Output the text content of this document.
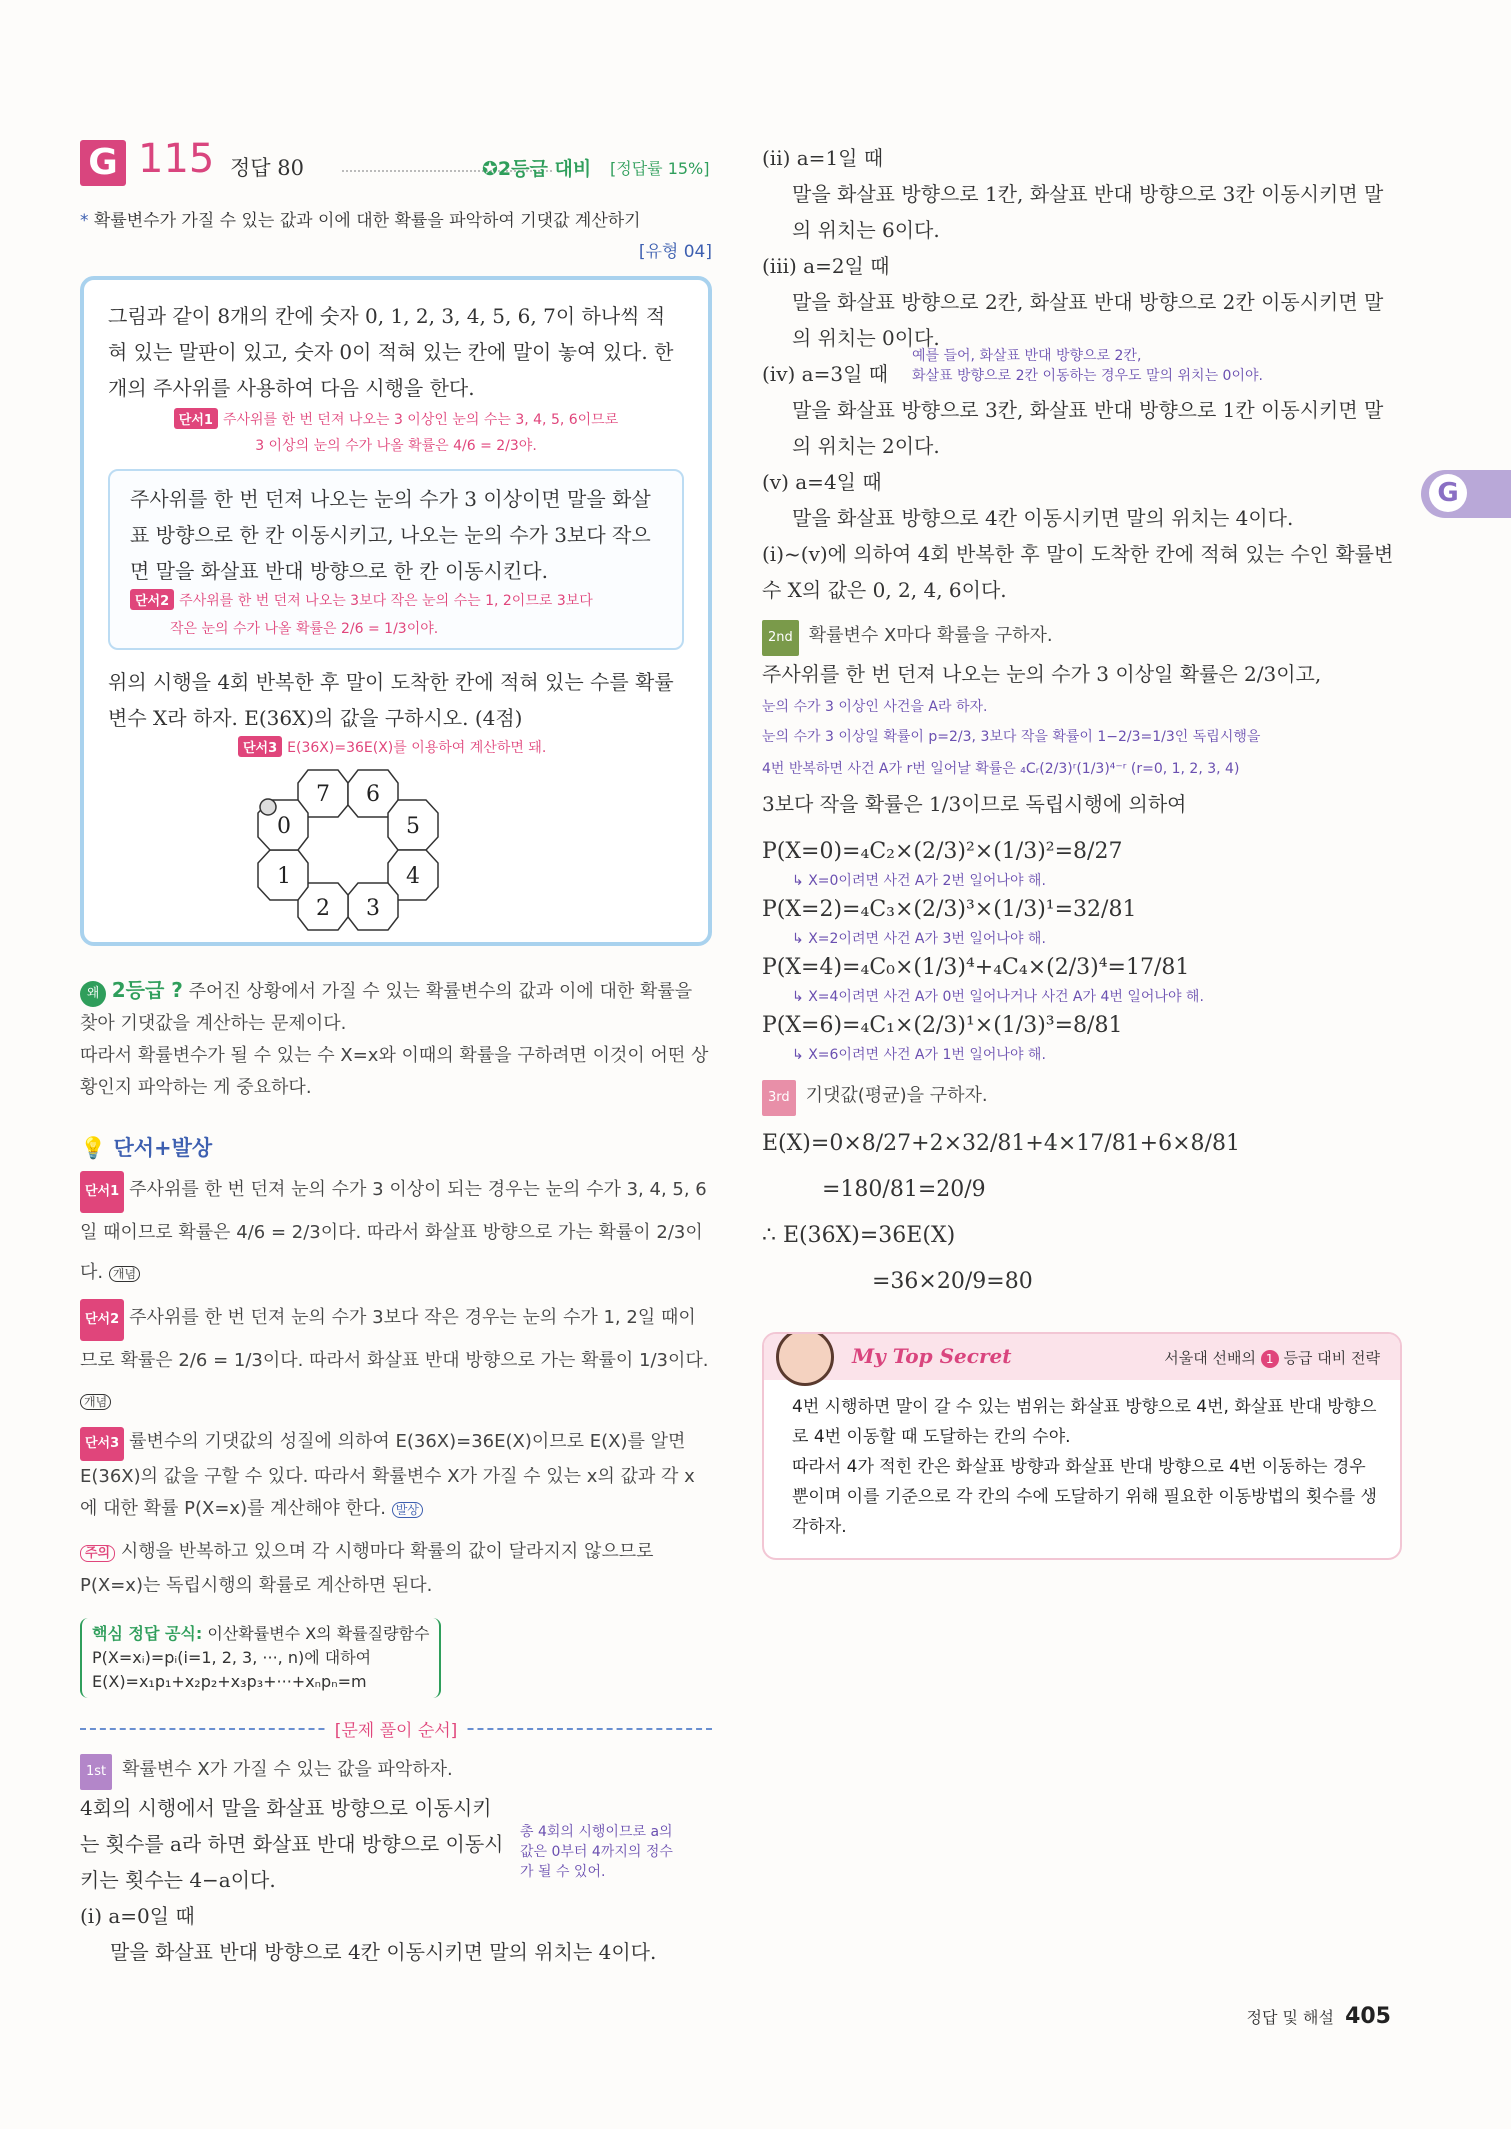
G 115 정답 80	✪2등급 대비 [정답률 15%]
* 확률변수가 가질 수 있는 값과 이에 대한 확률을 파악하여 기댓값 계산하기
[유형 04]

그림과 같이 8개의 칸에 숫자 0, 1, 2, 3, 4, 5, 6, 7이 하나씩 적혀 있는 말판이 있고, 숫자 0이 적혀 있는 칸에 말이 놓여 있다. 한 개의 주사위를 사용하여 다음 시행을 한다.

단서1 주사위를 한 번 던져 나오는 3 이상인 눈의 수는 3, 4, 5, 6이므로
3 이상의 눈의 수가 나올 확률은 4/6 = 2/3야.

주사위를 한 번 던져 나오는 눈의 수가 3 이상이면 말을 화살표 방향으로 한 칸 이동시키고, 나오는 눈의 수가 3보다 작으면 말을 화살표 반대 방향으로 한 칸 이동시킨다.

단서2 주사위를 한 번 던져 나오는 3보다 작은 눈의 수는 1, 2이므로 3보다
작은 눈의 수가 나올 확률은 2/6 = 1/3이야.

위의 시행을 4회 반복한 후 말이 도착한 칸에 적혀 있는 수를 확률변수 X라 하자. E(36X)의 값을 구하시오. (4점)

단서3 E(36X)=36E(X)를 이용하여 계산하면 돼.
7 6
5
4
3
2
1
0
왜 2등급 ? 주어진 상황에서 가질 수 있는 확률변수의 값과 이에 대한 확률을 찾아 기댓값을 계산하는 문제이다.

따라서 확률변수가 될 수 있는 수 X=x와 이때의 확률을 구하려면 이것이 어떤 상황인지 파악하는 게 중요하다.

💡 단서+발상
단서1 주사위를 한 번 던져 눈의 수가 3 이상이 되는 경우는 눈의 수가 3, 4, 5, 6일 때이므로 확률은 4/6 = 2/3이다. 따라서 화살표 방향으로 가는 확률이 2/3이다. 개념
단서2 주사위를 한 번 던져 눈의 수가 3보다 작은 경우는 눈의 수가 1, 2일 때이므로 확률은 2/6 = 1/3이다. 따라서 화살표 반대 방향으로 가는 확률이 1/3이다. 개념
단서3 률변수의 기댓값의 성질에 의하여 E(36X)=36E(X)이므로 E(X)를 알면 E(36X)의 값을 구할 수 있다. 따라서 확률변수 X가 가질 수 있는 x의 값과 각 x에 대한 확률 P(X=x)를 계산해야 한다. 발상
주의 시행을 반복하고 있으며 각 시행마다 확률의 값이 달라지지 않으므로 P(X=x)는 독립시행의 확률로 계산하면 된다.
핵심 정답 공식: 이산확률변수 X의 확률질량함수
P(X=xᵢ)=pᵢ(i=1, 2, 3, ···, n)에 대하여
E(X)=x₁p₁+x₂p₂+x₃p₃+···+xₙpₙ=m
[문제 풀이 순서]
1st 확률변수 X가 가질 수 있는 값을 파악하자.

4회의 시행에서 말을 화살표 방향으로 이동시키는 횟수를 a라 하면 화살표 반대 방향으로 이동시키는 횟수는 4−a이다.

총 4회의 시행이므로 a의 값은 0부터 4까지의 정수가 될 수 있어.

(i) a=0일 때

말을 화살표 반대 방향으로 4칸 이동시키면 말의 위치는 4이다.

(ii) a=1일 때

말을 화살표 방향으로 1칸, 화살표 반대 방향으로 3칸 이동시키면 말의 위치는 6이다.

(iii) a=2일 때

말을 화살표 방향으로 2칸, 화살표 반대 방향으로 2칸 이동시키면 말의 위치는 0이다.

(iv) a=3일 때

예를 들어, 화살표 반대 방향으로 2칸,
화살표 방향으로 2칸 이동하는 경우도 말의 위치는 0이야.

말을 화살표 방향으로 3칸, 화살표 반대 방향으로 1칸 이동시키면 말의 위치는 2이다.

(v) a=4일 때

말을 화살표 방향으로 4칸 이동시키면 말의 위치는 4이다.

(i)~(v)에 의하여 4회 반복한 후 말이 도착한 칸에 적혀 있는 수인 확률변수 X의 값은 0, 2, 4, 6이다.

2nd 확률변수 X마다 확률을 구하자.

주사위를 한 번 던져 나오는 눈의 수가 3 이상일 확률은 2/3이고,

눈의 수가 3 이상인 사건을 A라 하자.
눈의 수가 3 이상일 확률이 p=2/3, 3보다 작을 확률이 1−2/3=1/3인 독립시행을
4번 반복하면 사건 A가 r번 일어날 확률은 ₄Cᵣ(2/3)ʳ(1/3)⁴⁻ʳ (r=0, 1, 2, 3, 4)

3보다 작을 확률은 1/3이므로 독립시행에 의하여

P(X=0)=₄C₂×(2/3)²×(1/3)²=8/27

↳ X=0이려면 사건 A가 2번 일어나야 해.

P(X=2)=₄C₃×(2/3)³×(1/3)¹=32/81

↳ X=2이려면 사건 A가 3번 일어나야 해.

P(X=4)=₄C₀×(1/3)⁴+₄C₄×(2/3)⁴=17/81

↳ X=4이려면 사건 A가 0번 일어나거나 사건 A가 4번 일어나야 해.

P(X=6)=₄C₁×(2/3)¹×(1/3)³=8/81

↳ X=6이려면 사건 A가 1번 일어나야 해.
3rd 기댓값(평균)을 구하자.

E(X)=0×8/27+2×32/81+4×17/81+6×8/81

=180/81=20/9

∴ E(36X)=36E(X)

=36×20/9=80

My Top Secret	서울대 선배의 1 등급 대비 전략

4번 시행하면 말이 갈 수 있는 범위는 화살표 방향으로 4번, 화살표 반대 방향으로 4번 이동할 때 도달하는 칸의 수야.

따라서 4가 적힌 칸은 화살표 방향과 화살표 반대 방향으로 4번 이동하는 경우 뿐이며 이를 기준으로 각 칸의 수에 도달하기 위해 필요한 이동방법의 횟수를 생각하자.

G
정답 및 해설 405
